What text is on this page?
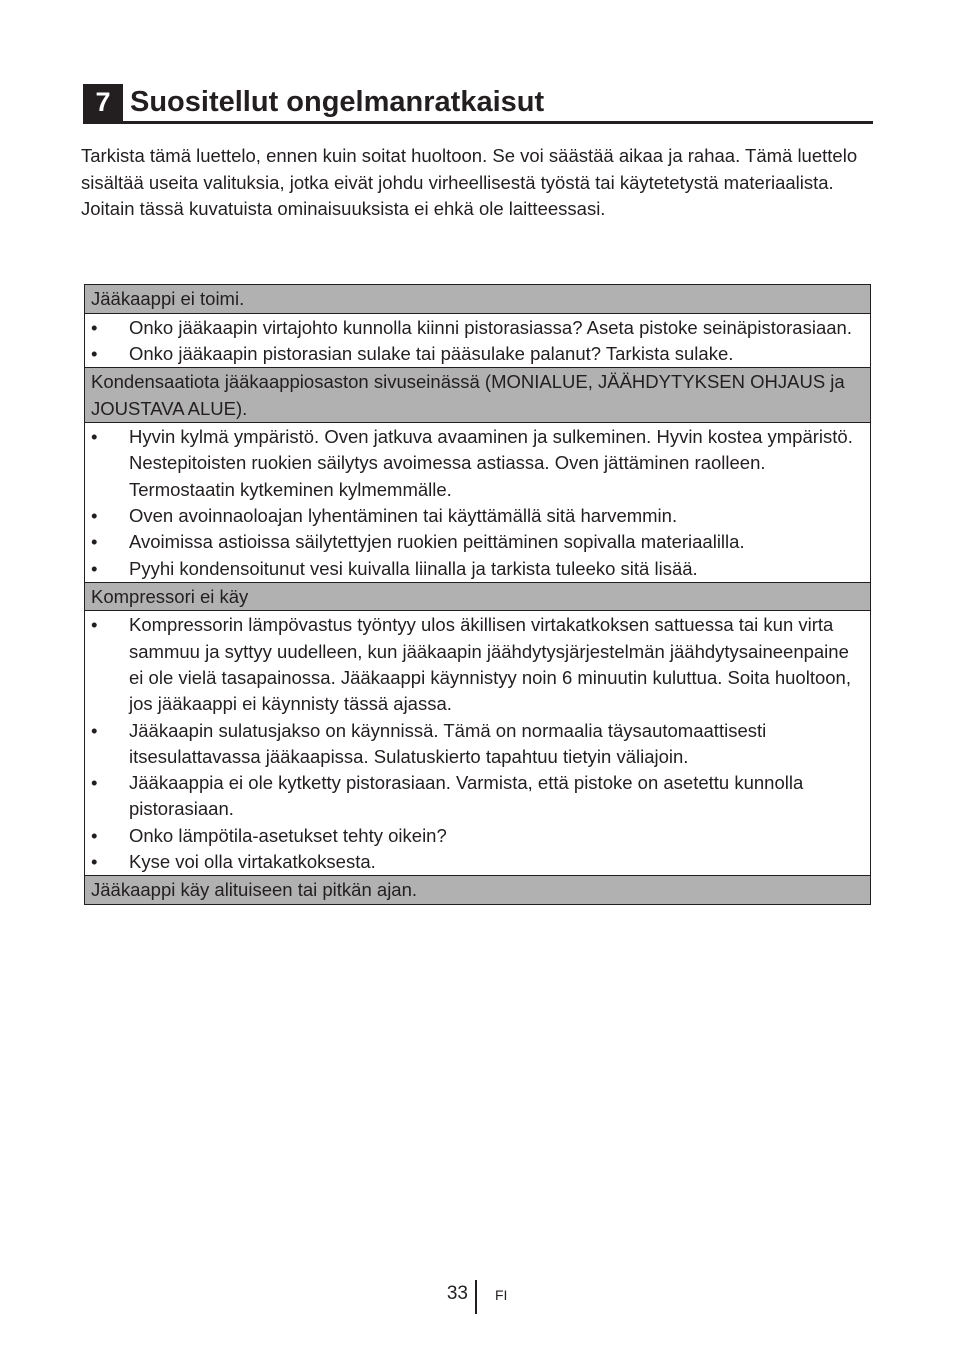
7 Suositellut ongelmanratkaisut

Tarkista tämä luettelo, ennen kuin soitat huoltoon. Se voi säästää aikaa ja rahaa. Tämä luettelo sisältää useita valituksia, jotka eivät johdu virheellisestä työstä tai käytetetystä materiaalista. Joitain tässä kuvatuista ominaisuuksista ei ehkä ole laitteessasi.

Jääkaappi ei toimi.

•	Onko jääkaapin virtajohto kunnolla kiinni pistorasiassa? Aseta pistoke seinäpistorasiaan.
•	Onko jääkaapin pistorasian sulake tai pääsulake palanut? Tarkista sulake.

Kondensaatiota jääkaappiosaston sivuseinässä (MONIALUE, JÄÄHDYTYKSEN OHJAUS ja JOUSTAVA ALUE).

•	Hyvin kylmä ympäristö. Oven jatkuva avaaminen ja sulkeminen. Hyvin kostea ympäristö. Nestepitoisten ruokien säilytys avoimessa astiassa. Oven jättäminen raolleen. Termostaatin kytkeminen kylmemmälle.
•	Oven avoinnaoloajan lyhentäminen tai käyttämällä sitä harvemmin.
•	Avoimissa astioissa säilytettyjen ruokien peittäminen sopivalla materiaalilla.
•	Pyyhi kondensoitunut vesi kuivalla liinalla ja tarkista tuleeko sitä lisää.

Kompressori ei käy

•	Kompressorin lämpövastus työntyy ulos äkillisen virtakatkoksen sattuessa tai kun virta sammuu ja syttyy uudelleen, kun jääkaapin jäähdytysjärjestelmän jäähdytysaineenpaine ei ole vielä tasapainossa. Jääkaappi käynnistyy noin 6 minuutin kuluttua. Soita huoltoon, jos jääkaappi ei käynnisty tässä ajassa.
•	Jääkaapin sulatusjakso on käynnissä. Tämä on normaalia täysautomaattisesti itsesulattavassa jääkaapissa. Sulatuskierto tapahtuu tietyin väliajoin.
•	Jääkaappia ei ole kytketty pistorasiaan. Varmista, että pistoke on asetettu kunnolla pistorasiaan.
•	Onko lämpötila-asetukset tehty oikein?
•	Kyse voi olla virtakatkoksesta.

Jääkaappi käy alituiseen tai pitkän ajan.
33 FI
